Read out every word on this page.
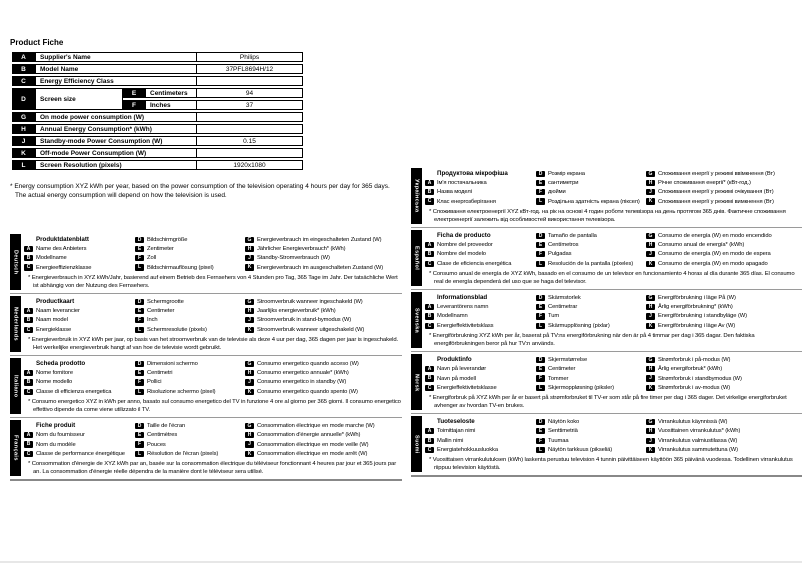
Product Fiche
A	Supplier's Name	Philips
B	Model Name	37PFL8694H/12
C	Energy Efficiency Class
D	Screen size
E	Centimeters	94
F	Inches	37
G	On mode power consumption (W)
H	Annual Energy Consumption* (kWh)
J	Standby-mode Power Consumption (W)	0.15
K	Off-mode Power Consumption (W)
L	Screen Resolution (pixels)	1920x1080
* Energy consumption XYZ kWh per year, based on the power consumption of the television operating 4 hours per day for 365 days.
The actual energy consumption will depend on how the television is used.
Deutsch
Produktdatenblatt
A Name des Anbieters
B Modellname
C Energieeffizienzklasse
D Bildschirmgröße
E	Zentimeter
F	Zoll
L	Bildschirmauflösung (pixel)
G Energieverbrauch im eingeschalteten Zustand (W)
H Jährlicher Energieverbrauch* (kWh)
J	Standby-Stromverbrauch (W)
K Energieverbrauch im ausgeschalteten Zustand (W)
* Energieverbrauch in XYZ kWh/Jahr, basierend auf einem Betrieb des Fernsehers von 4 Stunden pro Tag, 365 Tage im Jahr. Der tatsächliche Wert ist abhängig von der Nutzung des Fernsehers.
Nederlands
Productkaart
A Naam leverancier
B Naam model
C Energieklasse
D Schermgrootte
E	Centimeter
F	Inch
L	Schermresolutie (pixels)
G Stroomverbruik wanneer ingeschakeld (W)
H Jaarlijks energieverbruik* (kWh)
J	Stroomverbruik in stand-bymodus (W)
K Stroomverbruik wanneer uitgeschakeld (W)
* Energieverbruik in XYZ kWh per jaar, op basis van het stroomverbruik van de televisie als deze 4 uur per dag, 365 dagen per jaar is ingeschakeld. Het werkelijke energieverbruik hangt af van hoe de televisie wordt gebruikt.
Italiano
Scheda prodotto
A Nome fornitore
B Nome modello
C Classe di efficienza energetica
D Dimensioni schermo
E	Centimetri
F	Pollici
L	Risoluzione schermo (pixel)
G Consumo energetico quando acceso (W)
H Consumo energetico annuale* (kWh)
J	Consumo energetico in standby (W)
K Consumo energetico quando spento (W)
* Consumo energetico XYZ in kWh per anno, basato sul consumo energetico del TV in funzione 4 ore al giorno per 365 giorni. Il consumo energetico effettivo dipende da come viene utilizzato il TV.
Français
Fiche produit
A Nom du fournisseur
B Nom du modèle
C Classe de performance énergétique
D Taille de l'écran
E	Centimètres
F	Pouces
L	Résolution de l'écran (pixels)
G Consommation électrique en mode marche (W)
H Consommation d'énergie annuelle* (kWh)
J	Consommation électrique en mode veille (W)
K Consommation électrique en mode arrêt (W)
* Consommation d'énergie de XYZ kWh par an, basée sur la consommation électrique du téléviseur fonctionnant 4 heures par jour et 365 jours par an. La consommation d'énergie réelle dépendra de la manière dont le téléviseur sera utilisé.
Українська
Продуктова мікрофіша
A Ім'я постачальника
B Назва моделі
C Клас енергозберігання
D Розмір екрана
E	сантиметри
F	дюйми
L	Роздільна здатність екрана (піксел)
G Споживання енергії у режимі ввімкнення (Вт)
H Річне споживання енергії* (кВт-год.)
J	Споживання енергії у режимі очікування (Вт)
K Споживання енергії у режимі вимкнення (Вт)
* Споживання електроенергії XYZ кВт-год. на рік на основі 4 годин роботи телевізора на день протягом 365 днів. Фактичне споживання електроенергії залежить від особливостей використання телевізора.
Español
Ficha de producto
A Nombre del proveedor
B Nombre del modelo
C Clase de eficiencia energética
D Tamaño de pantalla
E	Centímetros
F	Pulgadas
L	Resolución de la pantalla (píxeles)
G Consumo de energía (W) en modo encendido
H Consumo anual de energía* (kWh)
J	Consumo de energía (W) en modo de espera
K Consumo de energía (W) en modo apagado
* Consumo anual de energía de XYZ kWh, basado en el consumo de un televisor en funcionamiento 4 horas al día durante 365 días. El consumo real de energía dependerá del uso que se haga del televisor.
Svenska
Informationsblad
A Leverantörens namn
B Modellnamn
C Energieffektivitetsklass
D Skärmstorlek
E	Centimetrar
F	Tum
L	Skärmupplösning (pixlar)
G Energiförbrukning i läge På (W)
H Årlig energiförbrukning* (kWh)
J	Energiförbrukning i standbyläge (W)
K Energiförbrukning i läge Av (W)
* Energiförbrukning XYZ kWh per år, baserat på TV:ns energiförbrukning när den är på 4 timmar per dag i 365 dagar. Den faktiska energiförbrukningen beror på hur TV:n används.
Norsk
Produktinfo
A Navn på leverandør
B Navn på modell
C Energieffektivitetsklasse
D Skjermstørrelse
E	Centimeter
F	Tommer
L	Skjermoppløsning (piksler)
G Strømforbruk i på-modus (W)
H Årlig energiforbruk* (kWh)
J	Strømforbruk i standbymodus (W)
K Strømforbruk i av-modus (W)
* Energiforbruk på XYZ kWh per år er basert på strømforbruket til TV-er som står på fire timer per dag i 365 dager. Det virkelige energiforbruket avhenger av hvordan TV-en brukes.
Suomi
Tuoteseloste
A Toimittajan nimi
B Mallin nimi
C Energiatehokkuusluokka
D Näytön koko
E	Senttimetriä
F	Tuumaa
L	Näytön tarkkuus (pikseliä)
G Virrankulutus käynnissä (W)
H Vuosittainen virrankulutus* (kWh)
J	Virrankulutus valmiustilassa (W)
K Virrankulutus sammutettuna (W)
* Vuosittaisen virrankulutuksen (kWh) laskenta perustuu television 4 tunnin päivittäiseen käyttöön 365 päivänä vuodessa. Todellinen virrankulutus riippuu television käytöstä.
